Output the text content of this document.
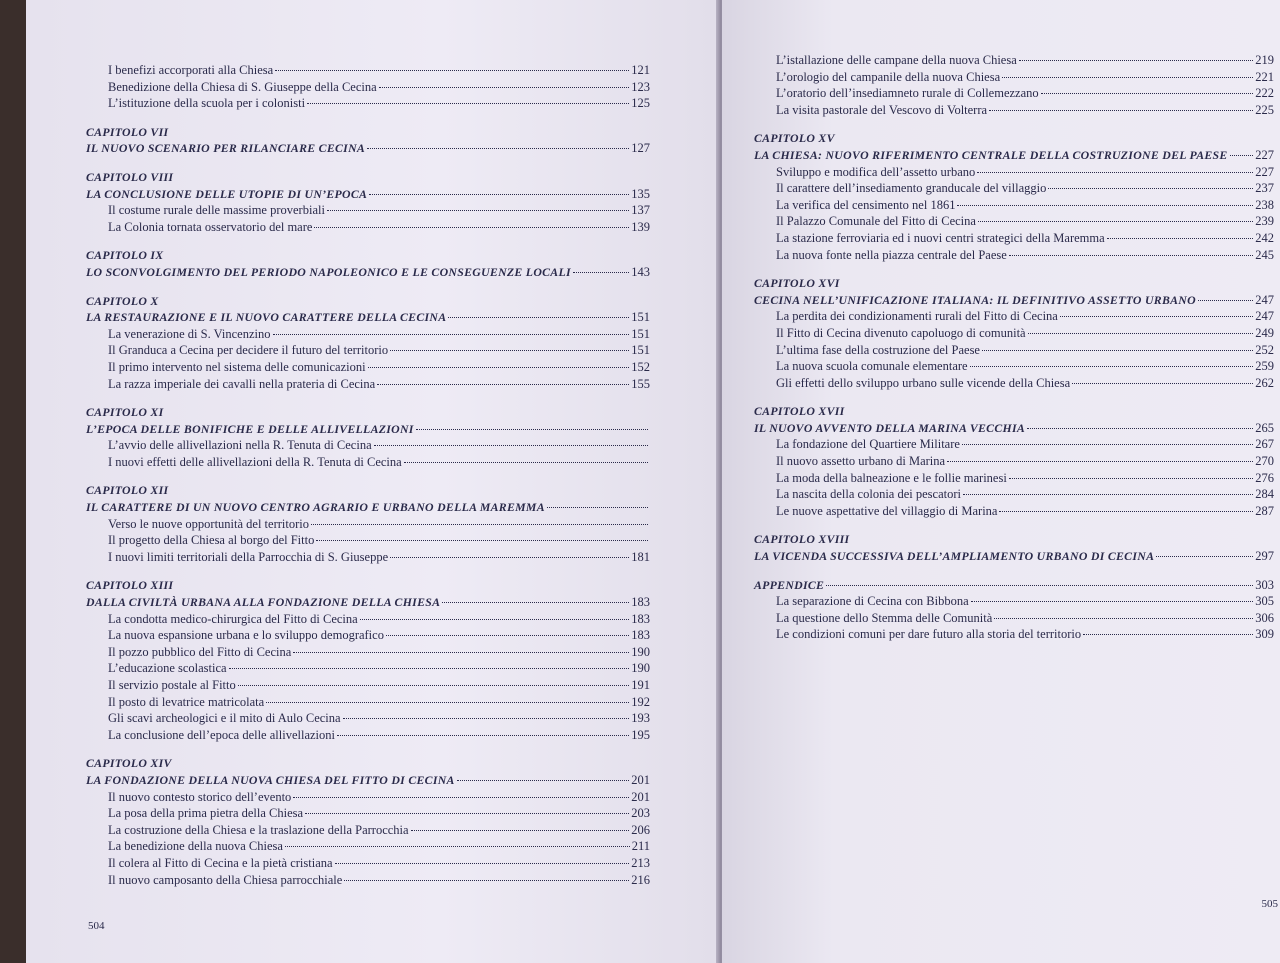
I benefizi accorporati alla Chiesa	121
Benedizione della Chiesa di S. Giuseppe della Cecina	123
L’istituzione della scuola per i colonisti	125
CAPITOLO VII
IL NUOVO SCENARIO PER RILANCIARE CECINA	127
CAPITOLO VIII
LA CONCLUSIONE DELLE UTOPIE DI UN’EPOCA	135
Il costume rurale delle massime proverbiali	137
La Colonia tornata osservatorio del mare	139
CAPITOLO IX
LO SCONVOLGIMENTO DEL PERIODO NAPOLEONICO E LE CONSEGUENZE LOCALI	143
CAPITOLO X
LA RESTAURAZIONE E IL NUOVO CARATTERE DELLA CECINA	151
La venerazione di S. Vincenzino	151
Il Granduca a Cecina per decidere il futuro del territorio	151
Il primo intervento nel sistema delle comunicazioni	152
La razza imperiale dei cavalli nella prateria di Cecina	155
CAPITOLO XI
L’EPOCA DELLE BONIFICHE E DELLE ALLIVELLAZIONI
L’avvio delle allivellazioni nella R. Tenuta di Cecina
I nuovi effetti delle allivellazioni della R. Tenuta di Cecina
CAPITOLO XII
IL CARATTERE DI UN NUOVO CENTRO AGRARIO E URBANO DELLA MAREMMA
Verso le nuove opportunità del territorio
Il progetto della Chiesa al borgo del Fitto
I nuovi limiti territoriali della Parrocchia di S. Giuseppe	181
CAPITOLO XIII
DALLA CIVILTÀ URBANA ALLA FONDAZIONE DELLA CHIESA	183
La condotta medico-chirurgica del Fitto di Cecina	183
La nuova espansione urbana e lo sviluppo demografico	183
Il pozzo pubblico del Fitto di Cecina	190
L’educazione scolastica	190
Il servizio postale al Fitto	191
Il posto di levatrice matricolata	192
Gli scavi archeologici e il mito di Aulo Cecina	193
La conclusione dell’epoca delle allivellazioni	195
CAPITOLO XIV
LA FONDAZIONE DELLA NUOVA CHIESA DEL FITTO DI CECINA	201
Il nuovo contesto storico dell’evento	201
La posa della prima pietra della Chiesa	203
La costruzione della Chiesa e la traslazione della Parrocchia	206
La benedizione della nuova Chiesa	211
Il colera al Fitto di Cecina e la pietà cristiana	213
Il nuovo camposanto della Chiesa parrocchiale	216
504
L’istallazione delle campane della nuova Chiesa	219
L’orologio del campanile della nuova Chiesa	221
L’oratorio dell’insediamneto rurale di Collemezzano	222
La visita pastorale del Vescovo di Volterra	225
CAPITOLO XV
LA CHIESA: NUOVO RIFERIMENTO CENTRALE DELLA COSTRUZIONE DEL PAESE 227
Sviluppo e modifica dell’assetto urbano	227
Il carattere dell’insediamento granducale del villaggio	237
La verifica del censimento nel 1861	238
Il Palazzo Comunale del Fitto di Cecina	239
La stazione ferroviaria ed i nuovi centri strategici della Maremma	242
La nuova fonte nella piazza centrale del Paese	245
CAPITOLO XVI
CECINA NELL’UNIFICAZIONE ITALIANA: IL DEFINITIVO ASSETTO URBANO	247
La perdita dei condizionamenti rurali del Fitto di Cecina	247
Il Fitto di Cecina divenuto capoluogo di comunità	249
L’ultima fase della costruzione del Paese	252
La nuova scuola comunale elementare	259
Gli effetti dello sviluppo urbano sulle vicende della Chiesa	262
CAPITOLO XVII
IL NUOVO AVVENTO DELLA MARINA VECCHIA	265
La fondazione del Quartiere Militare	267
Il nuovo assetto urbano di Marina	270
La moda della balneazione e le follie marinesi	276
La nascita della colonia dei pescatori	284
Le nuove aspettative del villaggio di Marina	287
CAPITOLO XVIII
LA VICENDA SUCCESSIVA DELL’AMPLIAMENTO URBANO DI CECINA	297
APPENDICE	303
La separazione di Cecina con Bibbona	305
La questione dello Stemma delle Comunità	306
Le condizioni comuni per dare futuro alla storia del territorio	309
505
